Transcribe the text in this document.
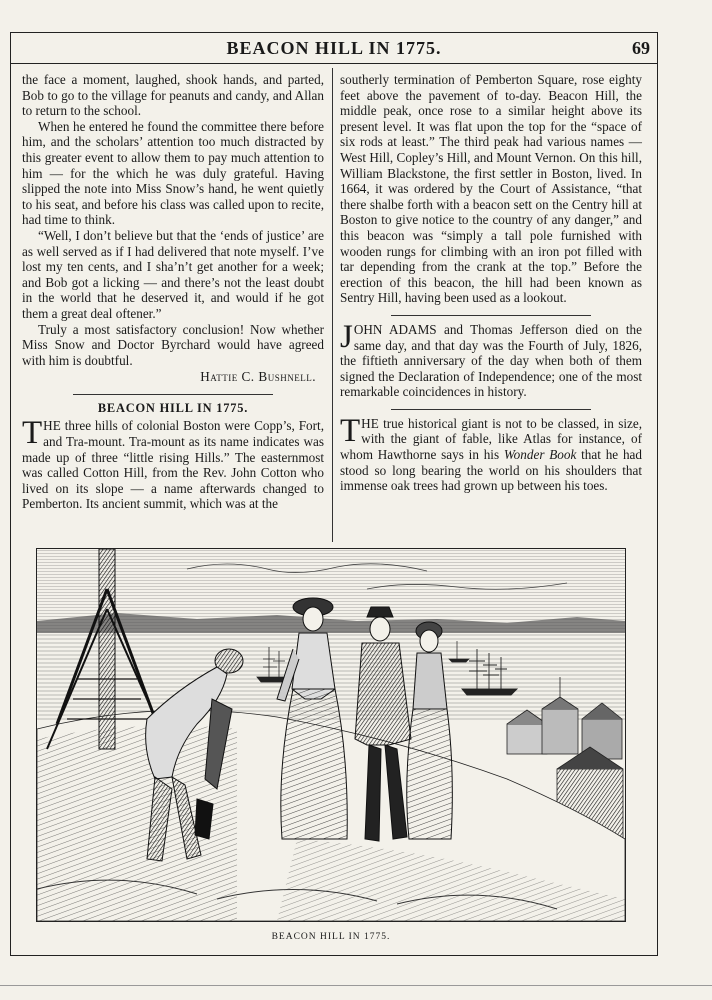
BEACON HILL IN 1775.	69

the face a moment, laughed, shook hands, and parted, Bob to go to the village for peanuts and candy, and Allan to return to the school.

When he entered he found the committee there before him, and the scholars’ attention too much distracted by this greater event to allow them to pay much attention to him — for the which he was duly grateful. Having slipped the note into Miss Snow’s hand, he went quietly to his seat, and before his class was called upon to recite, had time to think.

“Well, I don’t believe but that the ‘ends of justice’ are as well served as if I had delivered that note myself. I’ve lost my ten cents, and I sha’n’t get another for a week; and Bob got a licking — and there’s not the least doubt in the world that he deserved it, and would if he got them a great deal oftener.”

Truly a most satisfactory conclusion! Now whether Miss Snow and Doctor Byrchard would have agreed with him is doubtful.

Hattie C. Bushnell.
BEACON HILL IN 1775.

THE three hills of colonial Boston were Copp’s, Fort, and Tra-mount. Tra-mount as its name indicates was made up of three “little rising Hills.” The easternmost was called Cotton Hill, from the Rev. John Cotton who lived on its slope — a name afterwards changed to Pemberton. Its ancient summit, which was at the

southerly termination of Pemberton Square, rose eighty feet above the pavement of to-day. Beacon Hill, the middle peak, once rose to a similar height above its present level. It was flat upon the top for the “space of six rods at least.” The third peak had various names — West Hill, Copley’s Hill, and Mount Vernon. On this hill, William Blackstone, the first settler in Boston, lived. In 1664, it was ordered by the Court of Assistance, “that there shalbe forth with a beacon sett on the Centry hill at Boston to give notice to the country of any danger,” and this beacon was “simply a tall pole furnished with wooden rungs for climbing with an iron pot filled with tar depending from the crank at the top.” Before the erection of this beacon, the hill had been known as Sentry Hill, having been used as a lookout.

JOHN ADAMS and Thomas Jefferson died on the same day, and that day was the Fourth of July, 1826, the fiftieth anniversary of the day when both of them signed the Declaration of Independence; one of the most remarkable coincidences in history.

THE true historical giant is not to be classed, in size, with the giant of fable, like Atlas for instance, of whom Hawthorne says in his Wonder Book that he had stood so long bearing the world on his shoulders that immense oak trees had grown up between his toes.

BEACON HILL IN 1775.
